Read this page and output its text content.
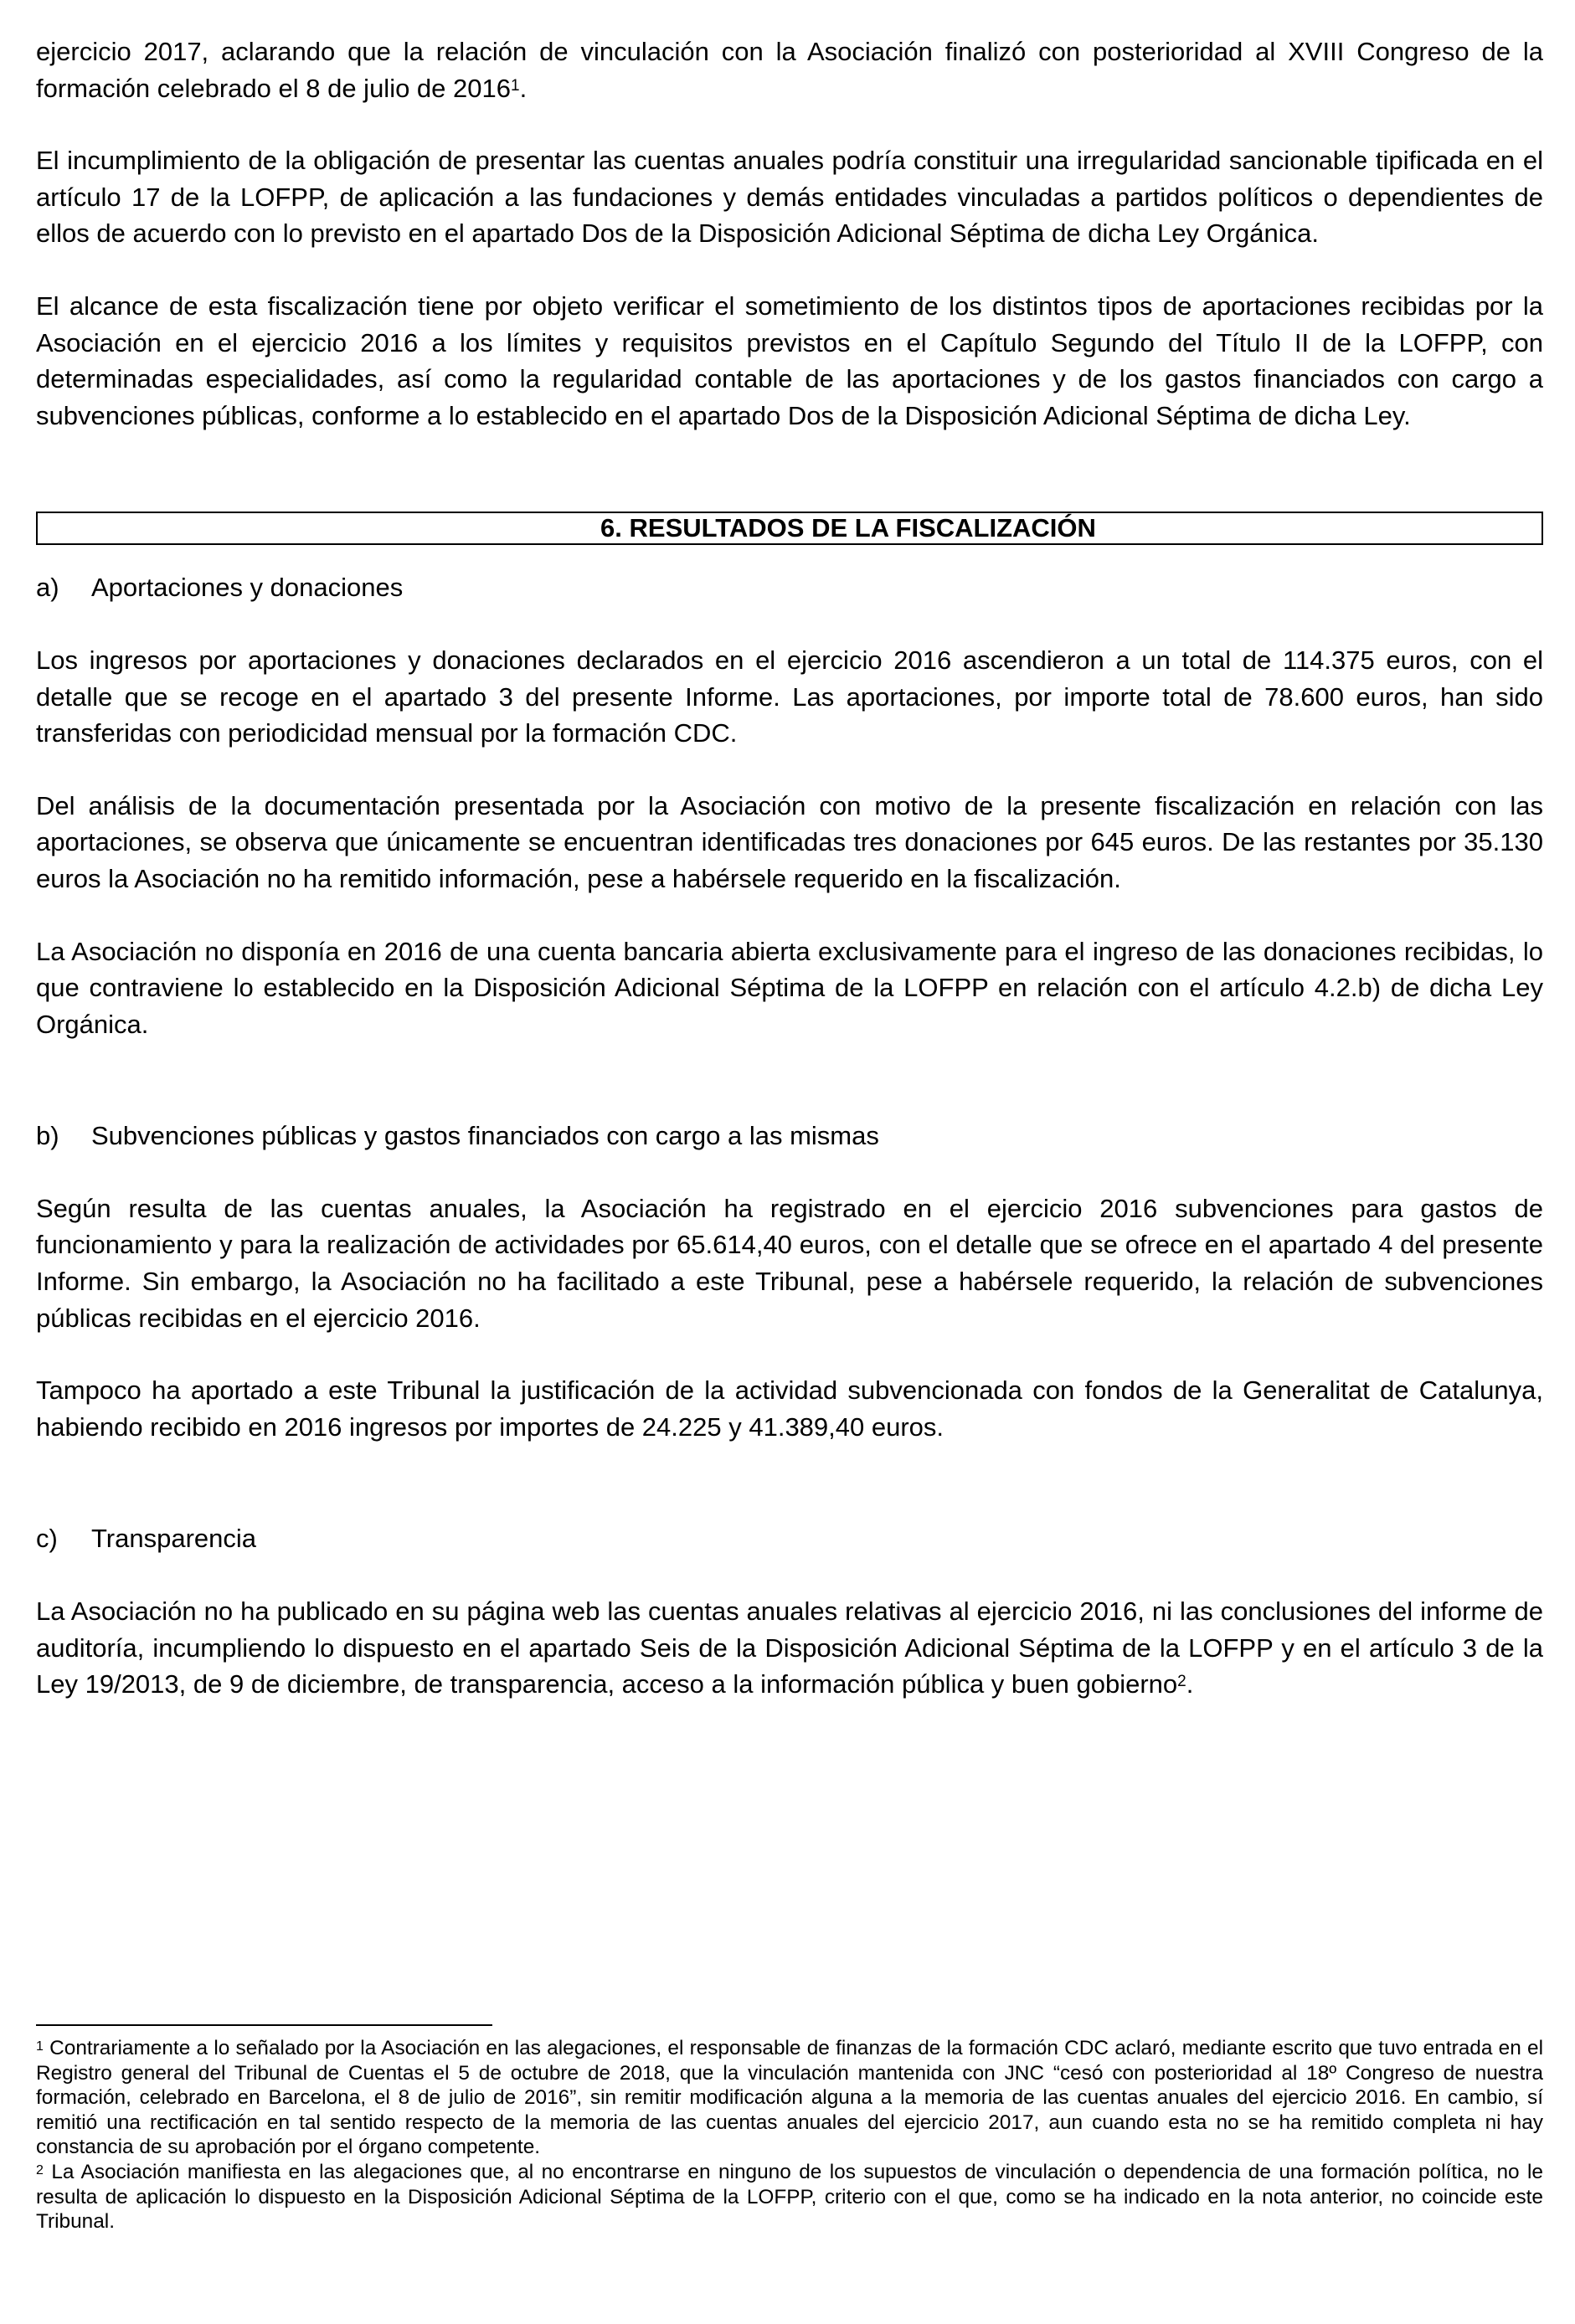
ejercicio 2017, aclarando que la relación de vinculación con la Asociación finalizó con posterioridad al XVIII Congreso de la formación celebrado el 8 de julio de 2016$^1$.

El incumplimiento de la obligación de presentar las cuentas anuales podría constituir una irregularidad sancionable tipificada en el artículo 17 de la LOFPP, de aplicación a las fundaciones y demás entidades vinculadas a partidos políticos o dependientes de ellos de acuerdo con lo previsto en el apartado Dos de la Disposición Adicional Séptima de dicha Ley Orgánica.

El alcance de esta fiscalización tiene por objeto verificar el sometimiento de los distintos tipos de aportaciones recibidas por la Asociación en el ejercicio 2016 a los límites y requisitos previstos en el Capítulo Segundo del Título II de la LOFPP, con determinadas especialidades, así como la regularidad contable de las aportaciones y de los gastos financiados con cargo a subvenciones públicas, conforme a lo establecido en el apartado Dos de la Disposición Adicional Séptima de dicha Ley.

6. RESULTADOS DE LA FISCALIZACIÓN
a)	Aportaciones y donaciones

Los ingresos por aportaciones y donaciones declarados en el ejercicio 2016 ascendieron a un total de 114.375 euros, con el detalle que se recoge en el apartado 3 del presente Informe. Las aportaciones, por importe total de 78.600 euros, han sido transferidas con periodicidad mensual por la formación CDC.

Del análisis de la documentación presentada por la Asociación con motivo de la presente fiscalización en relación con las aportaciones, se observa que únicamente se encuentran identificadas tres donaciones por 645 euros. De las restantes por 35.130 euros la Asociación no ha remitido información, pese a habérsele requerido en la fiscalización.

La Asociación no disponía en 2016 de una cuenta bancaria abierta exclusivamente para el ingreso de las donaciones recibidas, lo que contraviene lo establecido en la Disposición Adicional Séptima de la LOFPP en relación con el artículo 4.2.b) de dicha Ley Orgánica.

b)	Subvenciones públicas y gastos financiados con cargo a las mismas

Según resulta de las cuentas anuales, la Asociación ha registrado en el ejercicio 2016 subvenciones para gastos de funcionamiento y para la realización de actividades por 65.614,40 euros, con el detalle que se ofrece en el apartado 4 del presente Informe. Sin embargo, la Asociación no ha facilitado a este Tribunal, pese a habérsele requerido, la relación de subvenciones públicas recibidas en el ejercicio 2016.

Tampoco ha aportado a este Tribunal la justificación de la actividad subvencionada con fondos de la Generalitat de Catalunya, habiendo recibido en 2016 ingresos por importes de 24.225 y 41.389,40 euros.

c)	Transparencia

La Asociación no ha publicado en su página web las cuentas anuales relativas al ejercicio 2016, ni las conclusiones del informe de auditoría, incumpliendo lo dispuesto en el apartado Seis de la Disposición Adicional Séptima de la LOFPP y en el artículo 3 de la Ley 19/2013, de 9 de diciembre, de transparencia, acceso a la información pública y buen gobierno$^2$.

$^1$ Contrariamente a lo señalado por la Asociación en las alegaciones, el responsable de finanzas de la formación CDC aclaró, mediante escrito que tuvo entrada en el Registro general del Tribunal de Cuentas el 5 de octubre de 2018, que la vinculación mantenida con JNC “cesó con posterioridad al 18º Congreso de nuestra formación, celebrado en Barcelona, el 8 de julio de 2016”, sin remitir modificación alguna a la memoria de las cuentas anuales del ejercicio 2016. En cambio, sí remitió una rectificación en tal sentido respecto de la memoria de las cuentas anuales del ejercicio 2017, aun cuando esta no se ha remitido completa ni hay constancia de su aprobación por el órgano competente.

$^2$ La Asociación manifiesta en las alegaciones que, al no encontrarse en ninguno de los supuestos de vinculación o dependencia de una formación política, no le resulta de aplicación lo dispuesto en la Disposición Adicional Séptima de la LOFPP, criterio con el que, como se ha indicado en la nota anterior, no coincide este Tribunal.
